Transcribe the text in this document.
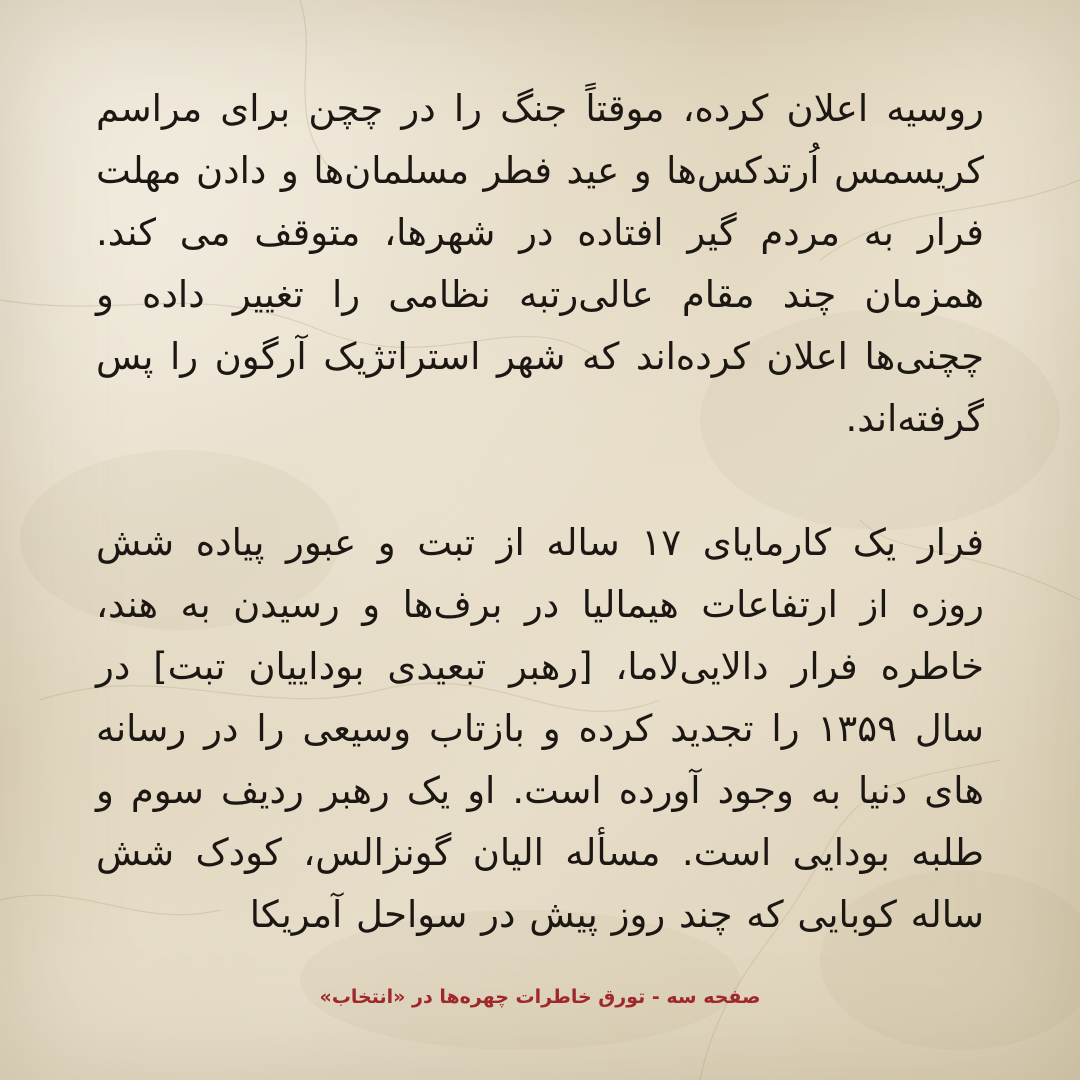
روسیه اعلان کرده، موقتاً جنگ را در چچن برای مراسم کریسمس اُرتدکس‌ها و عید فطر مسلمان‌ها و دادن مهلت فرار به مردم گیر افتاده در شهرها، متوقف می کند. همزمان چند مقام عالی‌رتبه نظامی را تغییر داده و چچنی‌ها اعلان کرده‌اند که شهر استراتژیک آرگون را پس گرفته‌اند.

فرار یک کارمایای ۱۷ ساله از تبت و عبور پیاده شش روزه از ارتفاعات هیمالیا در برف‌ها و رسیدن به هند، خاطره فرار دالایی‌لاما، [رهبر تبعیدی بوداییان تبت] در سال ۱۳۵۹ را تجدید کرده و بازتاب وسیعی را در رسانه های دنیا به وجود آورده است. او یک رهبر ردیف سوم و طلبه بودایی است. مسأله الیان گونزالس، کودک شش ساله کوبایی که چند روز پیش در سواحل آمریکا

صفحه سه - تورق خاطرات چهره‌ها در «انتخاب»
